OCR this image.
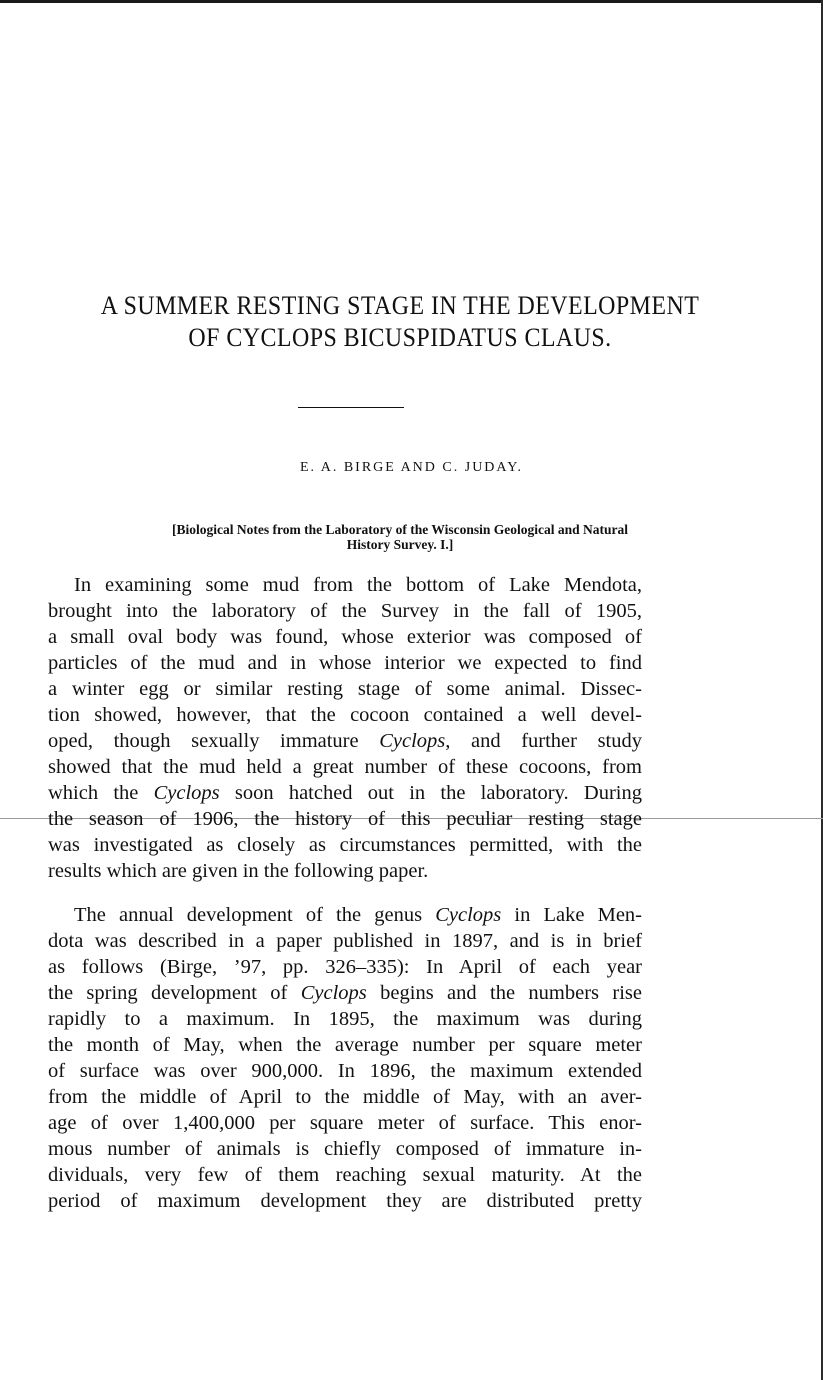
A SUMMER RESTING STAGE IN THE DEVELOPMENT
OF CYCLOPS BICUSPIDATUS CLAUS.
E. A. BIRGE AND C. JUDAY.
[Biological Notes from the Laboratory of the Wisconsin Geological and Natural
History Survey. I.]
In examining some mud from the bottom of Lake Mendota,
brought into the laboratory of the Survey in the fall of 1905,
a small oval body was found, whose exterior was composed of
particles of the mud and in whose interior we expected to find
a winter egg or similar resting stage of some animal. Dissec-
tion showed, however, that the cocoon contained a well devel-
oped, though sexually immature Cyclops, and further study
showed that the mud held a great number of these cocoons, from
which the Cyclops soon hatched out in the laboratory. During
the season of 1906, the history of this peculiar resting stage
was investigated as closely as circumstances permitted, with the
results which are given in the following paper.
The annual development of the genus Cyclops in Lake Men-
dota was described in a paper published in 1897, and is in brief
as follows (Birge, ’97, pp. 326–335): In April of each year
the spring development of Cyclops begins and the numbers rise
rapidly to a maximum. In 1895, the maximum was during
the month of May, when the average number per square meter
of surface was over 900,000. In 1896, the maximum extended
from the middle of April to the middle of May, with an aver-
age of over 1,400,000 per square meter of surface. This enor-
mous number of animals is chiefly composed of immature in-
dividuals, very few of them reaching sexual maturity. At the
period of maximum development they are distributed pretty
